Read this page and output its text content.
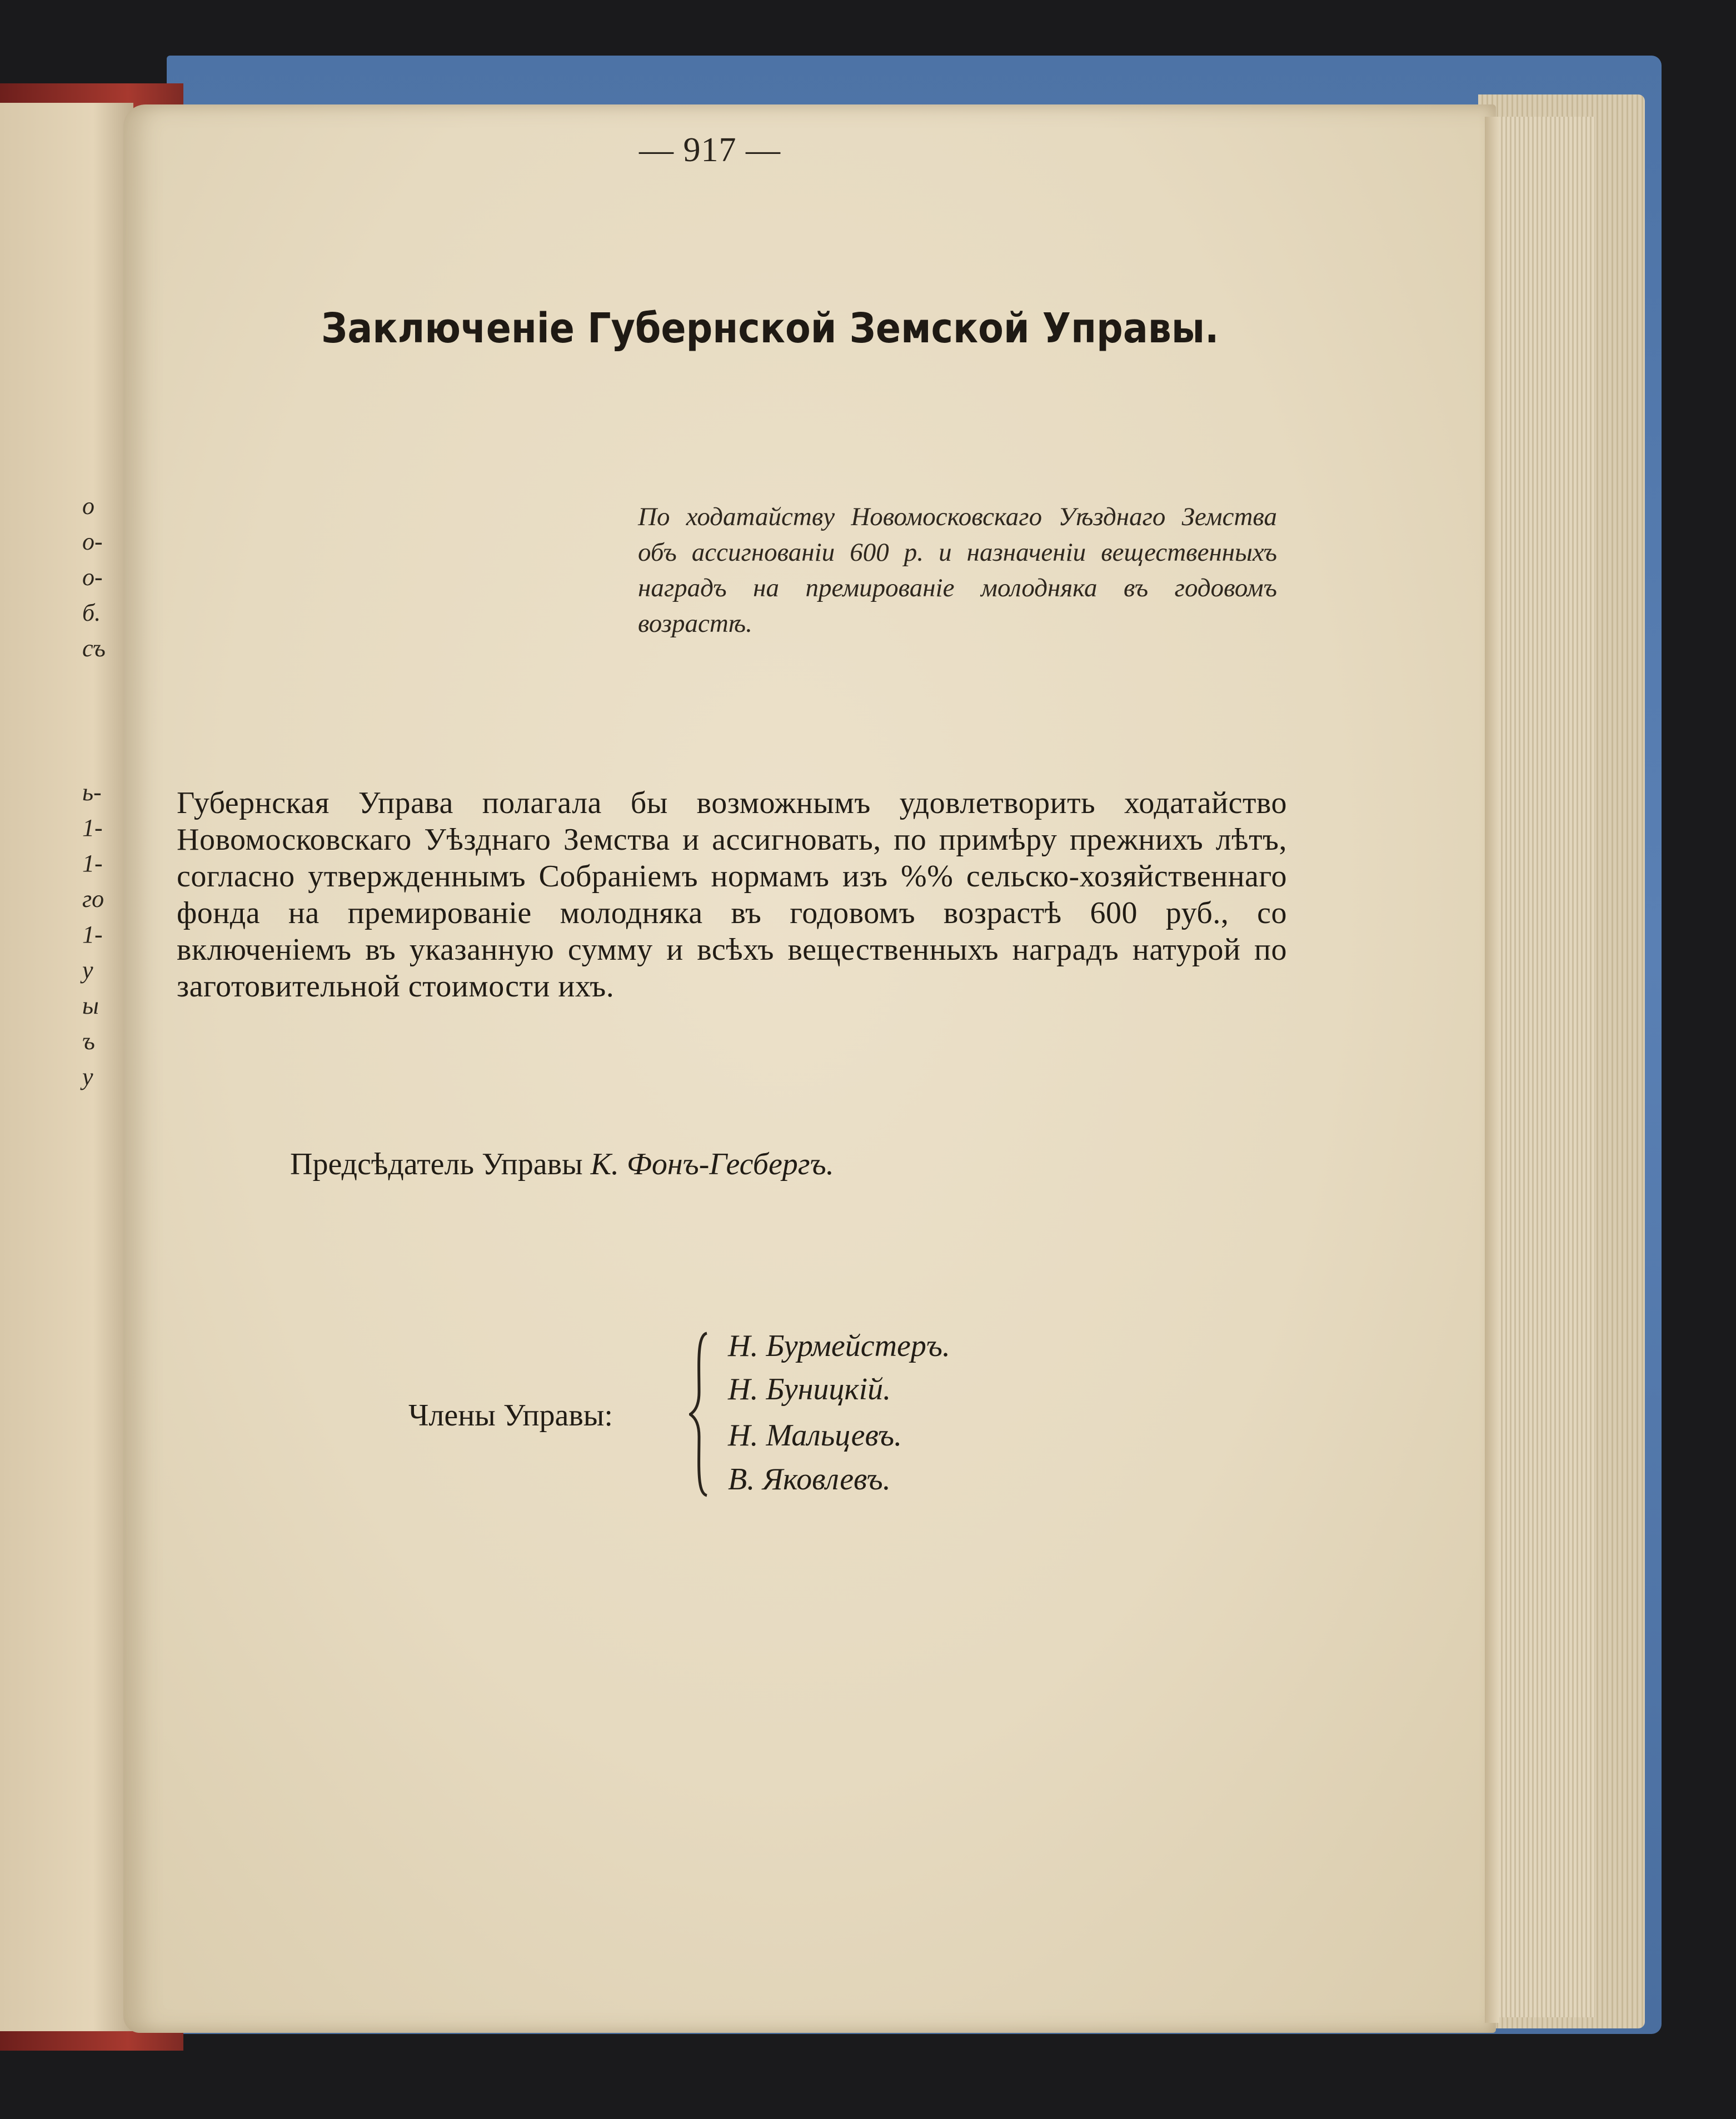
о
о-
о-
б.
съ
ь-
1-
1-
го
1-
у
ы
ъ
у
— 917 —
Заключенiе Губернской Земской Управы.
По ходатайству Новомосковскаго Уѣзднаго Земства объ ассигнованiи 600 р. и назначенiи вещественныхъ наградъ на премированiе молодняка въ годовомъ возрастѣ.
Губернская Управа полагала бы возможнымъ удовлетворить ходатайство Новомосковскаго Уѣзднаго Земства и ассигновать, по примѣру прежнихъ лѣтъ, согласно утвержденнымъ Собранiемъ нормамъ изъ %% сельско-хозяйственнаго фонда на премированiе молодняка въ годовомъ возрастѣ 600 руб., со включенiемъ въ указанную сумму и всѣхъ вещественныхъ наградъ натурой по заготовительной стоимости ихъ.
Предсѣдатель Управы К. Фонъ-Гесбергъ.
Члены Управы:
Н. Бурмейстеръ.
Н. Буницкiй.
Н. Мальцевъ.
В. Яковлевъ.
